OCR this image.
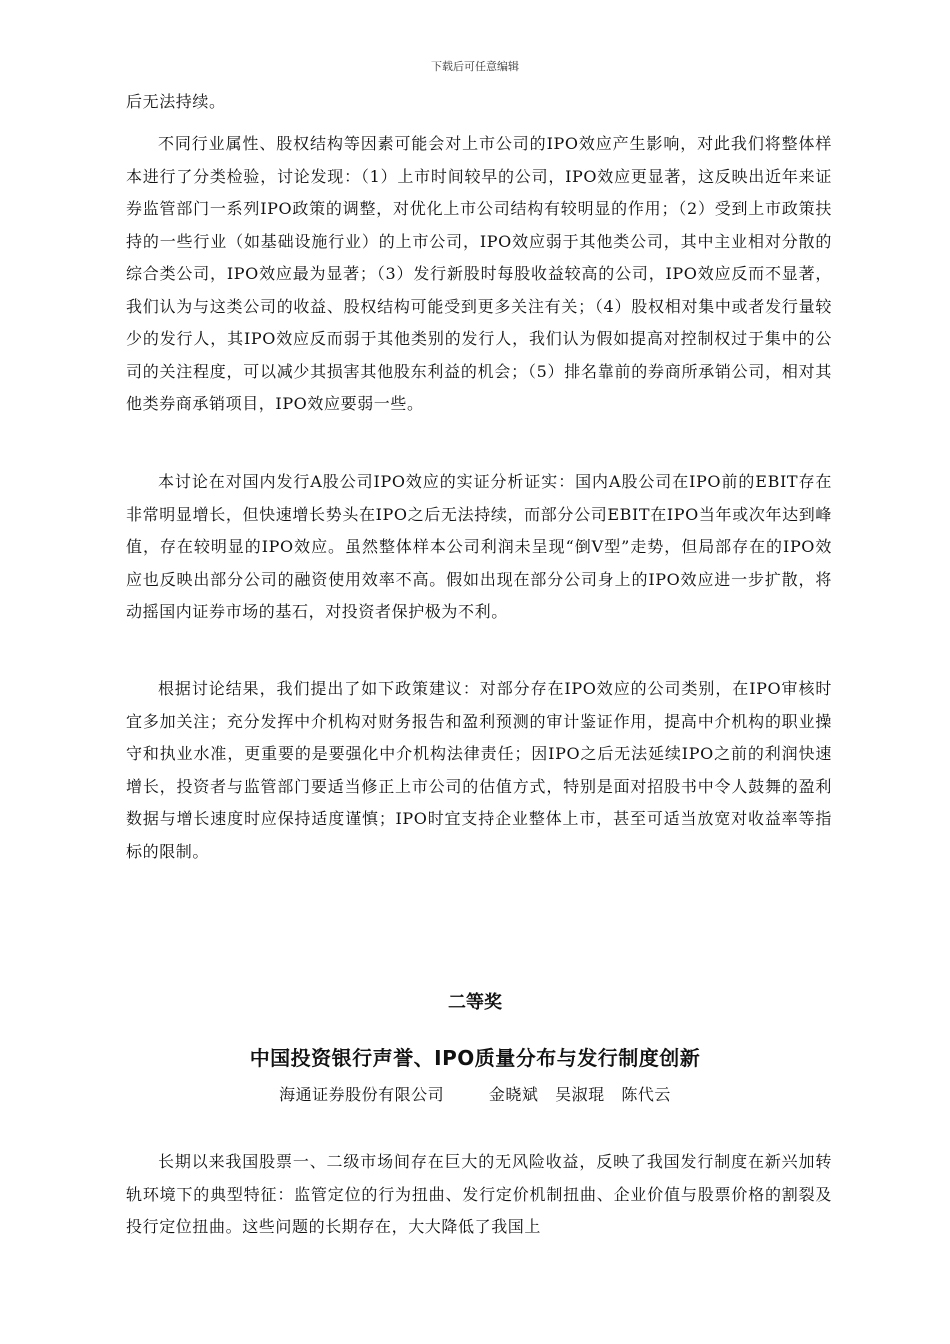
下载后可任意编辑

后无法持续。

不同行业属性、股权结构等因素可能会对上市公司的IPO效应产生影响，对此我们将整体样本进行了分类检验，讨论发现：（1）上市时间较早的公司，IPO效应更显著，这反映出近年来证券监管部门一系列IPO政策的调整，对优化上市公司结构有较明显的作用；（2）受到上市政策扶持的一些行业（如基础设施行业）的上市公司，IPO效应弱于其他类公司，其中主业相对分散的综合类公司，IPO效应最为显著；（3）发行新股时每股收益较高的公司，IPO效应反而不显著，我们认为与这类公司的收益、股权结构可能受到更多关注有关；（4）股权相对集中或者发行量较少的发行人，其IPO效应反而弱于其他类别的发行人，我们认为假如提高对控制权过于集中的公司的关注程度，可以减少其损害其他股东利益的机会；（5）排名靠前的券商所承销公司，相对其他类券商承销项目，IPO效应要弱一些。

本讨论在对国内发行A股公司IPO效应的实证分析证实：国内A股公司在IPO前的EBIT存在非常明显增长，但快速增长势头在IPO之后无法持续，而部分公司EBIT在IPO当年或次年达到峰值，存在较明显的IPO效应。虽然整体样本公司利润未呈现“倒V型”走势，但局部存在的IPO效应也反映出部分公司的融资使用效率不高。假如出现在部分公司身上的IPO效应进一步扩散，将动摇国内证券市场的基石，对投资者保护极为不利。

根据讨论结果，我们提出了如下政策建议：对部分存在IPO效应的公司类别，在IPO审核时宜多加关注；充分发挥中介机构对财务报告和盈利预测的审计鉴证作用，提高中介机构的职业操守和执业水准，更重要的是要强化中介机构法律责任；因IPO之后无法延续IPO之前的利润快速增长，投资者与监管部门要适当修正上市公司的估值方式，特别是面对招股书中令人鼓舞的盈利数据与增长速度时应保持适度谨慎；IPO时宜支持企业整体上市，甚至可适当放宽对收益率等指标的限制。

二等奖
中国投资银行声誉、IPO质量分布与发行制度创新
海通证券股份有限公司	金晓斌 吴淑琨 陈代云

长期以来我国股票一、二级市场间存在巨大的无风险收益，反映了我国发行制度在新兴加转轨环境下的典型特征：监管定位的行为扭曲、发行定价机制扭曲、企业价值与股票价格的割裂及投行定位扭曲。这些问题的长期存在，大大降低了我国上
